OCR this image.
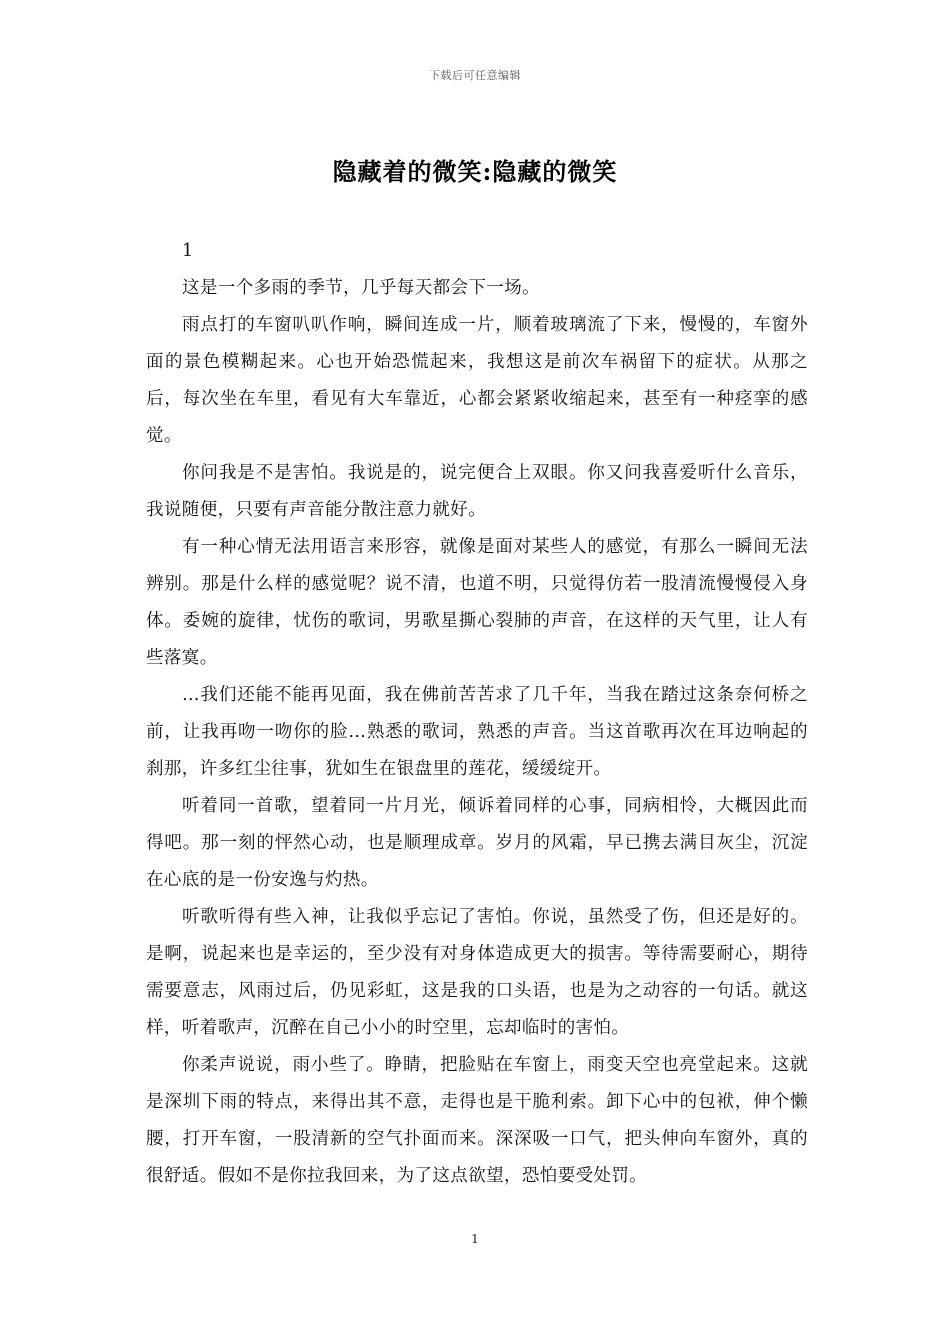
下载后可任意编辑
隐藏着的微笑:隐藏的微笑

1

这是一个多雨的季节，几乎每天都会下一场。

雨点打的车窗叭叭作响，瞬间连成一片，顺着玻璃流了下来，慢慢的，车窗外面的景色模糊起来。心也开始恐慌起来，我想这是前次车祸留下的症状。从那之后，每次坐在车里，看见有大车靠近，心都会紧紧收缩起来，甚至有一种痉挛的感觉。

你问我是不是害怕。我说是的，说完便合上双眼。你又问我喜爱听什么音乐，我说随便，只要有声音能分散注意力就好。

有一种心情无法用语言来形容，就像是面对某些人的感觉，有那么一瞬间无法辨别。那是什么样的感觉呢？说不清，也道不明，只觉得仿若一股清流慢慢侵入身体。委婉的旋律，忧伤的歌词，男歌星撕心裂肺的声音，在这样的天气里，让人有些落寞。

…我们还能不能再见面，我在佛前苦苦求了几千年，当我在踏过这条奈何桥之前，让我再吻一吻你的脸…熟悉的歌词，熟悉的声音。当这首歌再次在耳边响起的刹那，许多红尘往事，犹如生在银盘里的莲花，缓缓绽开。

听着同一首歌，望着同一片月光，倾诉着同样的心事，同病相怜，大概因此而得吧。那一刻的怦然心动，也是顺理成章。岁月的风霜，早已携去满目灰尘，沉淀在心底的是一份安逸与灼热。

听歌听得有些入神，让我似乎忘记了害怕。你说，虽然受了伤，但还是好的。是啊，说起来也是幸运的，至少没有对身体造成更大的损害。等待需要耐心，期待需要意志，风雨过后，仍见彩虹，这是我的口头语，也是为之动容的一句话。就这样，听着歌声，沉醉在自己小小的时空里，忘却临时的害怕。

你柔声说说，雨小些了。睁睛，把脸贴在车窗上，雨变天空也亮堂起来。这就是深圳下雨的特点，来得出其不意，走得也是干脆利索。卸下心中的包袱，伸个懒腰，打开车窗，一股清新的空气扑面而来。深深吸一口气，把头伸向车窗外，真的很舒适。假如不是你拉我回来，为了这点欲望，恐怕要受处罚。

1
